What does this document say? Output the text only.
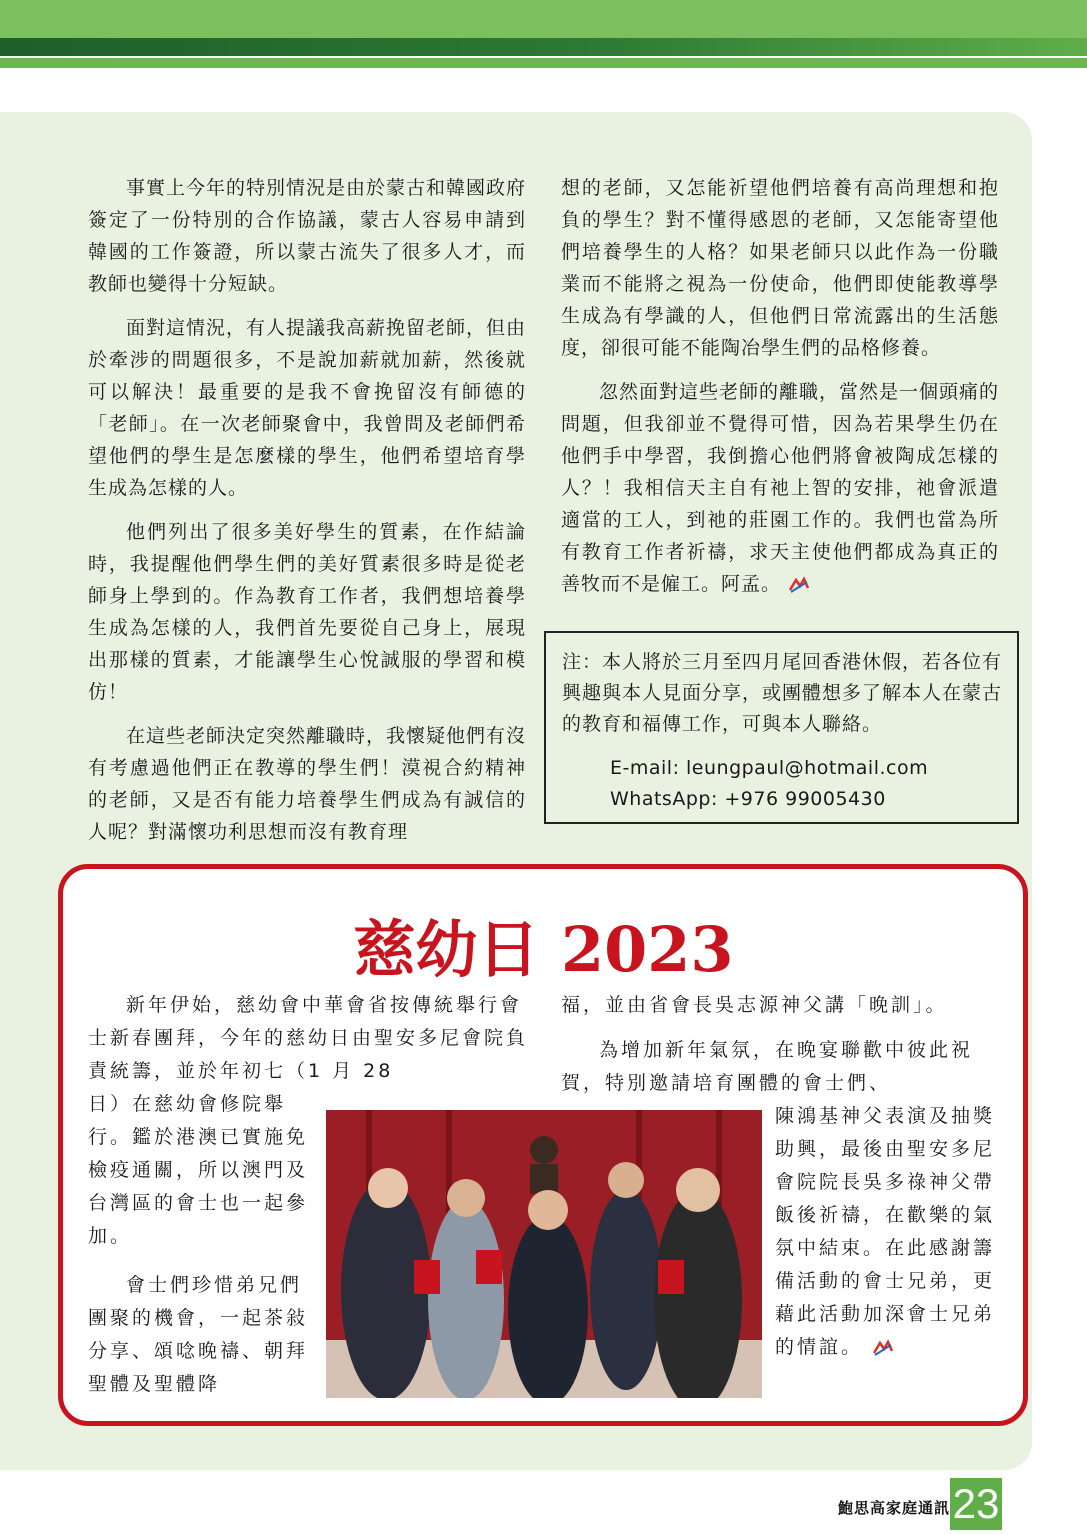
事實上今年的特別情況是由於蒙古和韓國政府簽定了一份特別的合作協議，蒙古人容易申請到韓國的工作簽證，所以蒙古流失了很多人才，而教師也變得十分短缺。

面對這情況，有人提議我高薪挽留老師，但由於牽涉的問題很多，不是說加薪就加薪，然後就可以解決！最重要的是我不會挽留沒有師德的「老師」。在一次老師聚會中，我曾問及老師們希望他們的學生是怎麼樣的學生，他們希望培育學生成為怎樣的人。

他們列出了很多美好學生的質素，在作結論時，我提醒他們學生們的美好質素很多時是從老師身上學到的。作為教育工作者，我們想培養學生成為怎樣的人，我們首先要從自己身上，展現出那樣的質素，才能讓學生心悅誠服的學習和模仿！

在這些老師決定突然離職時，我懷疑他們有沒有考慮過他們正在教導的學生們！漠視合約精神的老師，又是否有能力培養學生們成為有誠信的人呢？對滿懷功利思想而沒有教育理

想的老師，又怎能祈望他們培養有高尚理想和抱負的學生？對不懂得感恩的老師，又怎能寄望他們培養學生的人格？如果老師只以此作為一份職業而不能將之視為一份使命，他們即使能教導學生成為有學識的人，但他們日常流露出的生活態度，卻很可能不能陶冶學生們的品格修養。

忽然面對這些老師的離職，當然是一個頭痛的問題，但我卻並不覺得可惜，因為若果學生仍在他們手中學習，我倒擔心他們將會被陶成怎樣的人？！我相信天主自有祂上智的安排，祂會派遣適當的工人，到祂的莊園工作的。我們也當為所有教育工作者祈禱，求天主使他們都成為真正的善牧而不是僱工。阿孟。

注：本人將於三月至四月尾回香港休假，若各位有興趣與本人見面分享，或團體想多了解本人在蒙古的教育和福傳工作，可與本人聯絡。
E-mail: leungpaul@hotmail.com
WhatsApp: +976 99005430
慈幼日 2023
新年伊始，慈幼會中華會省按傳統舉行會士新春團拜，今年的慈幼日由聖安多尼會院負責統籌，並於年初七（1 月 28
日）在慈幼會修院舉行。鑑於港澳已實施免檢疫通關，所以澳門及台灣區的會士也一起參加。
會士們珍惜弟兄們團聚的機會，一起茶敍分享、頌唸晚禱、朝拜聖體及聖體降
福，並由省會長吳志源神父講「晚訓」。
為增加新年氣氛，在晚宴聯歡中彼此祝賀，特別邀請培育團體的會士們、
陳鴻基神父表演及抽獎助興，最後由聖安多尼會院院長吳多祿神父帶飯後祈禱，在歡樂的氣氛中結束。在此感謝籌備活動的會士兄弟，更藉此活動加深會士兄弟的情誼。
鮑思高家庭通訊 23
